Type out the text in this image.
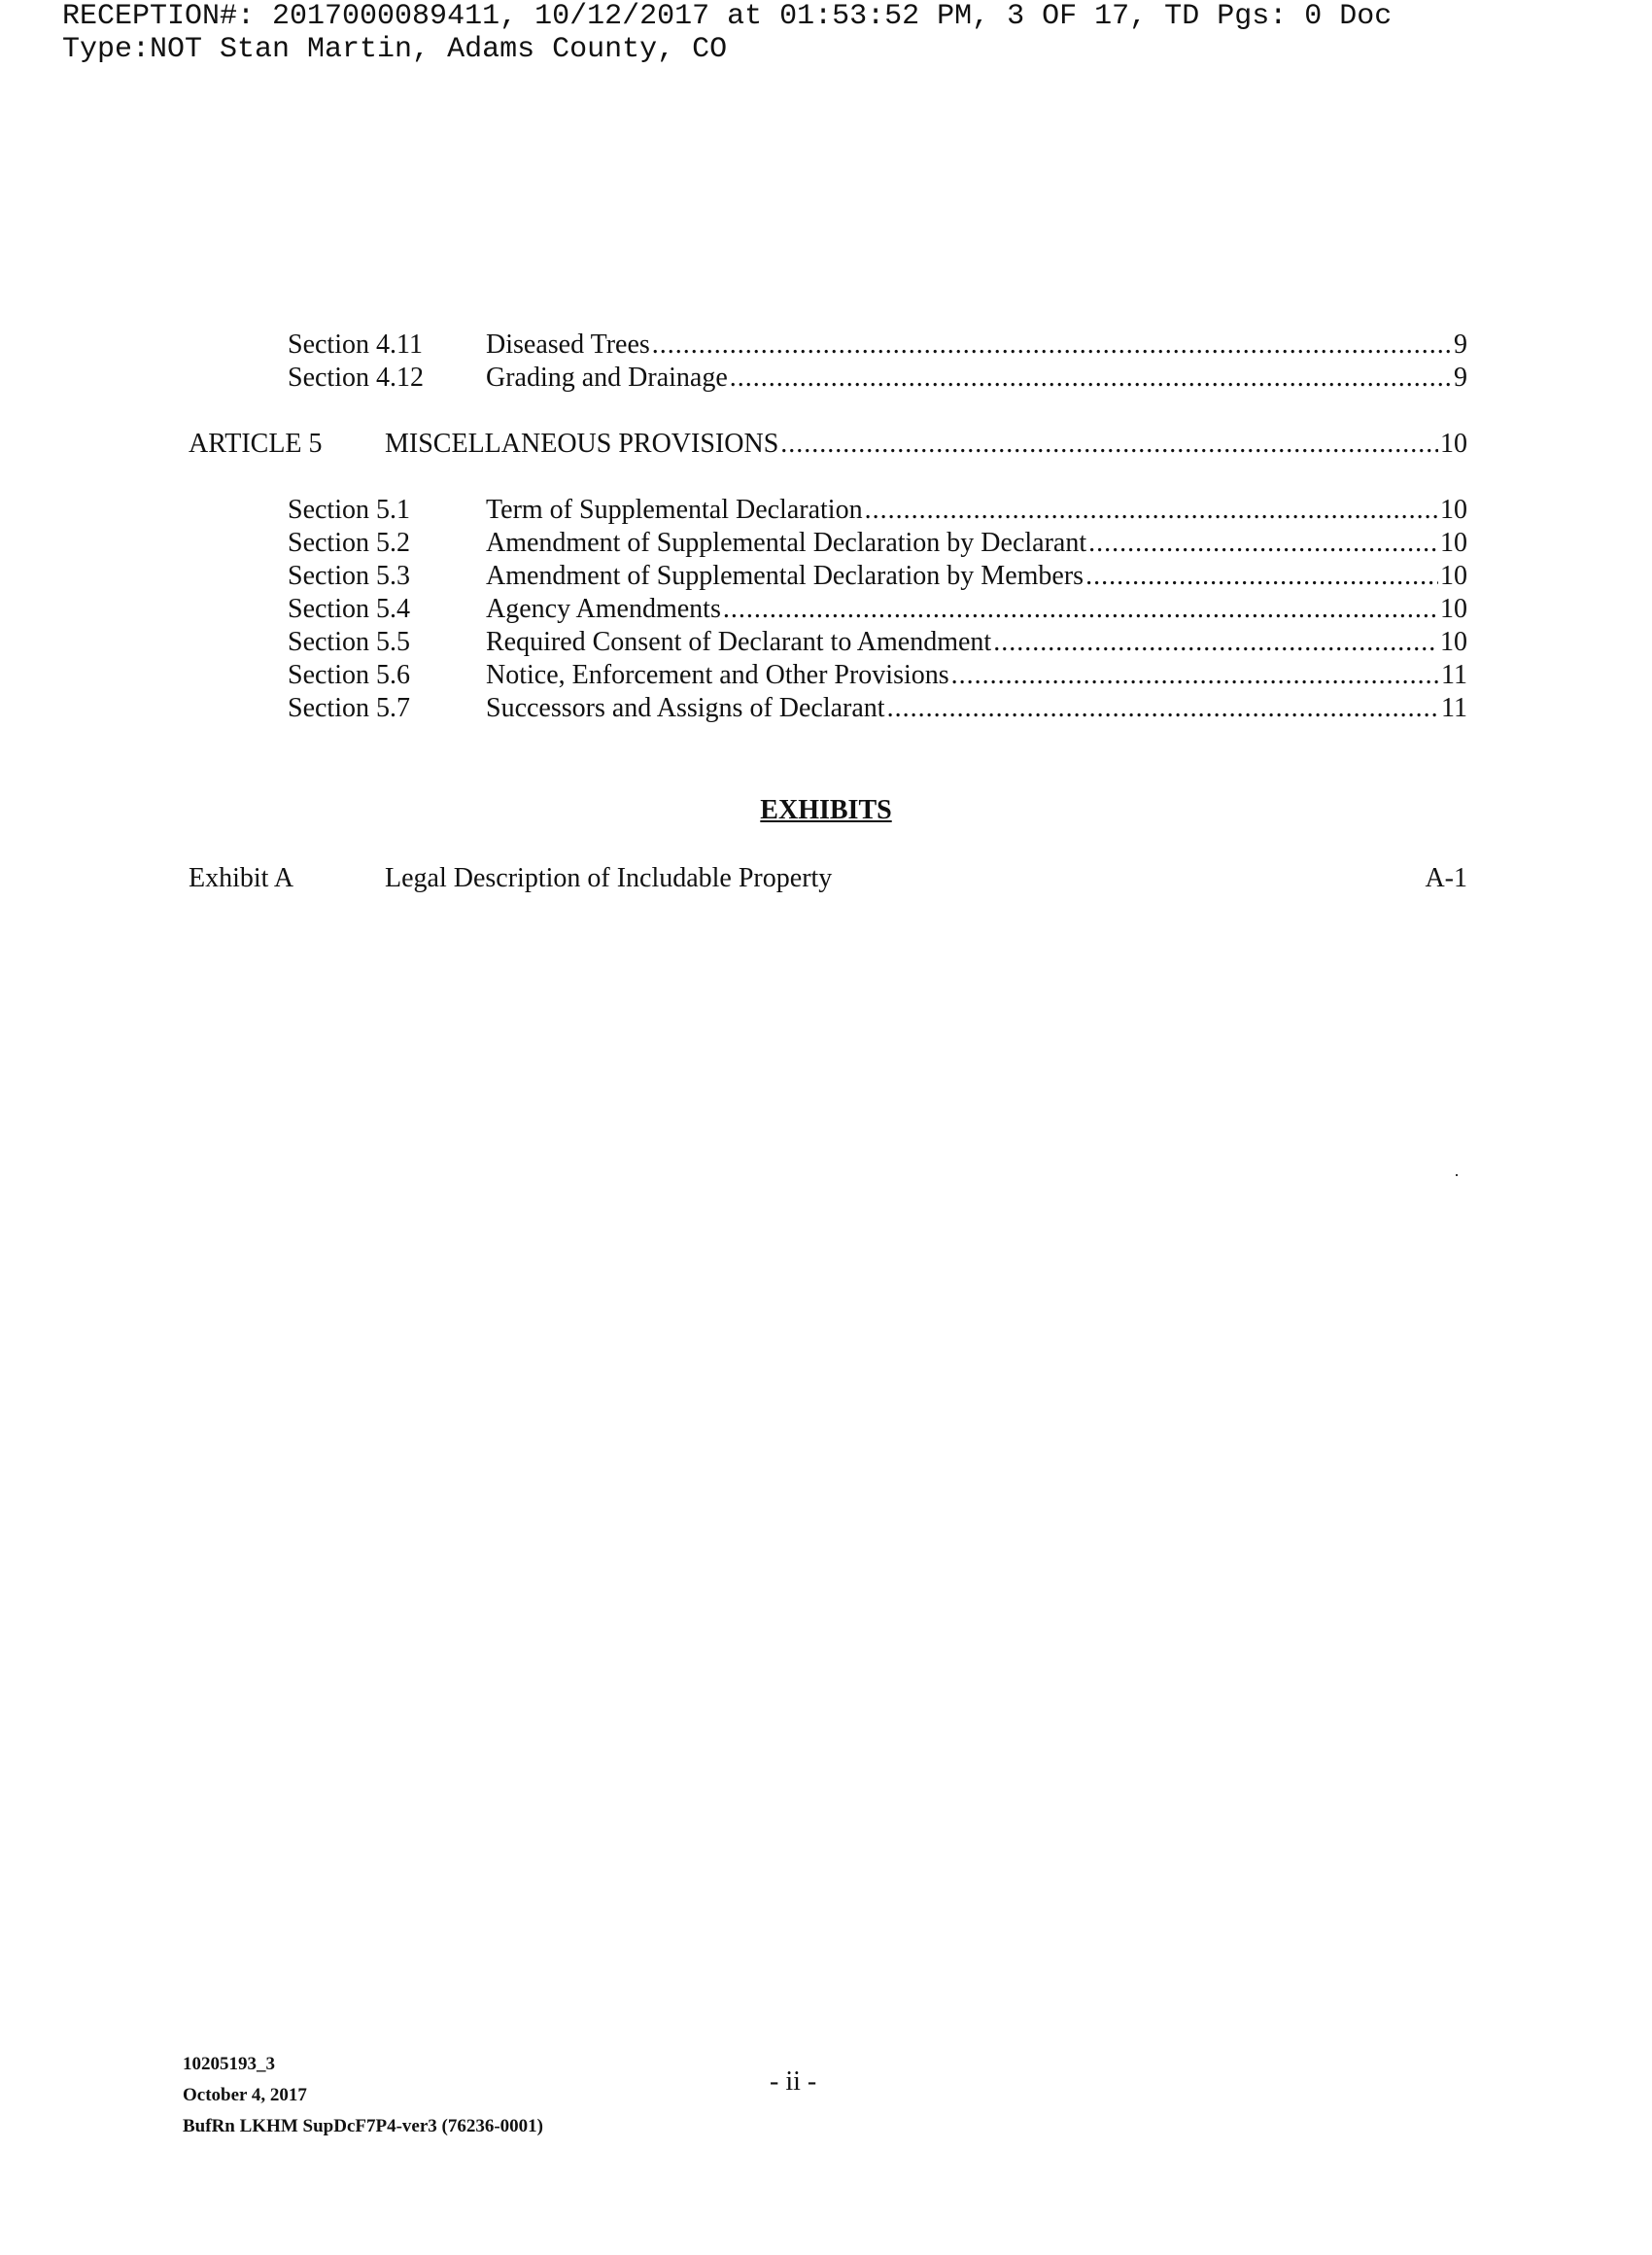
RECEPTION#: 2017000089411, 10/12/2017 at 01:53:52 PM, 3 OF 17, TD Pgs: 0 Doc
Type:NOT Stan Martin, Adams County, CO
Section 4.11	Diseased Trees .....	9
Section 4.12	Grading and Drainage .....	9
ARTICLE 5	MISCELLANEOUS PROVISIONS .....	10
Section 5.1	Term of Supplemental Declaration .....	10
Section 5.2	Amendment of Supplemental Declaration by Declarant .....	10
Section 5.3	Amendment of Supplemental Declaration by Members .....	10
Section 5.4	Agency Amendments .....	10
Section 5.5	Required Consent of Declarant to Amendment .....	10
Section 5.6	Notice, Enforcement and Other Provisions .....	11
Section 5.7	Successors and Assigns of Declarant .....	11
EXHIBITS
Exhibit A	Legal Description of Includable Property	A-1
10205193_3
October 4, 2017
BufRn LKHM SupDcF7P4-ver3 (76236-0001)
- ii -
